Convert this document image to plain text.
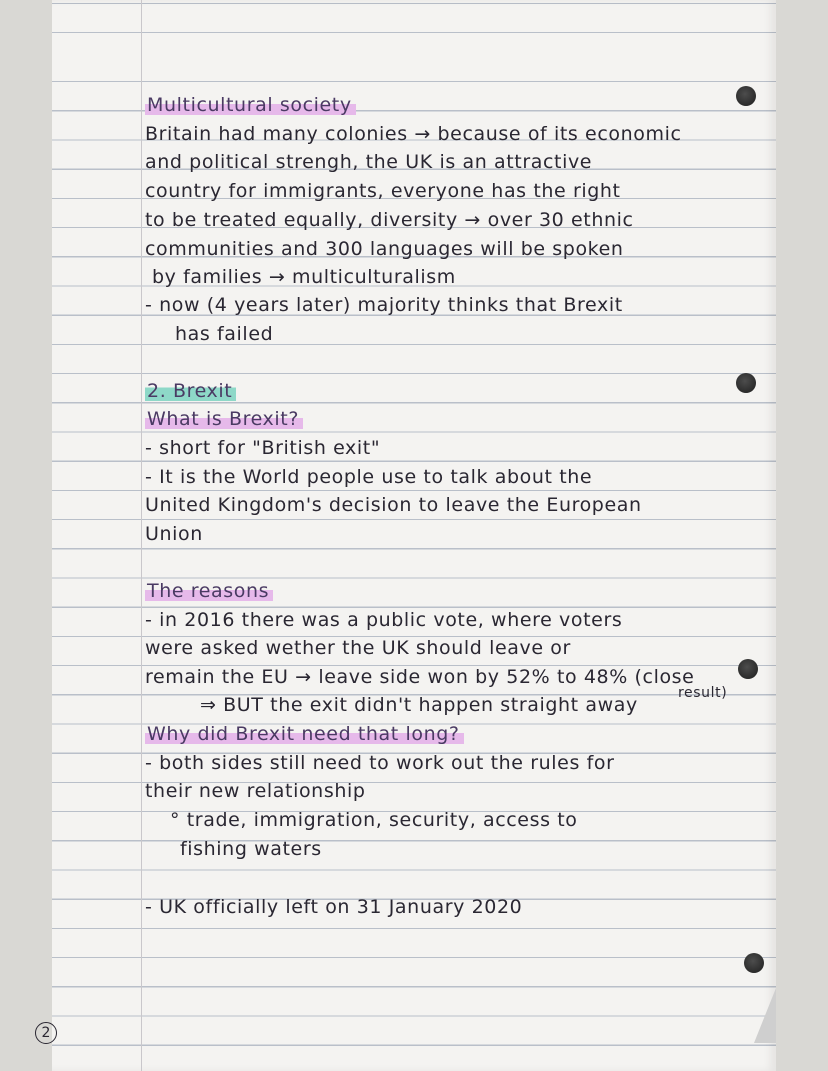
Multicultural society
Britain had many colonies → because of its economic
and political strengh, the UK is an attractive
country for immigrants, everyone has the right
to be treated equally, diversity → over 30 ethnic
communities and 300 languages will be spoken
by families → multiculturalism
- now (4 years later) majority thinks that Brexit
has failed
2. Brexit
What is Brexit?
- short for "British exit"
- It is the World people use to talk about the
United Kingdom's decision to leave the European
Union
The reasons
- in 2016 there was a public vote, where voters
were asked wether the UK should leave or
remain the EU → leave side won by 52% to 48% (close
⇒ BUT the exit didn't happen straight away
result)
Why did Brexit need that long?
- both sides still need to work out the rules for
their new relationship
° trade, immigration, security, access to
fishing waters
- UK officially left on 31 January 2020
2
